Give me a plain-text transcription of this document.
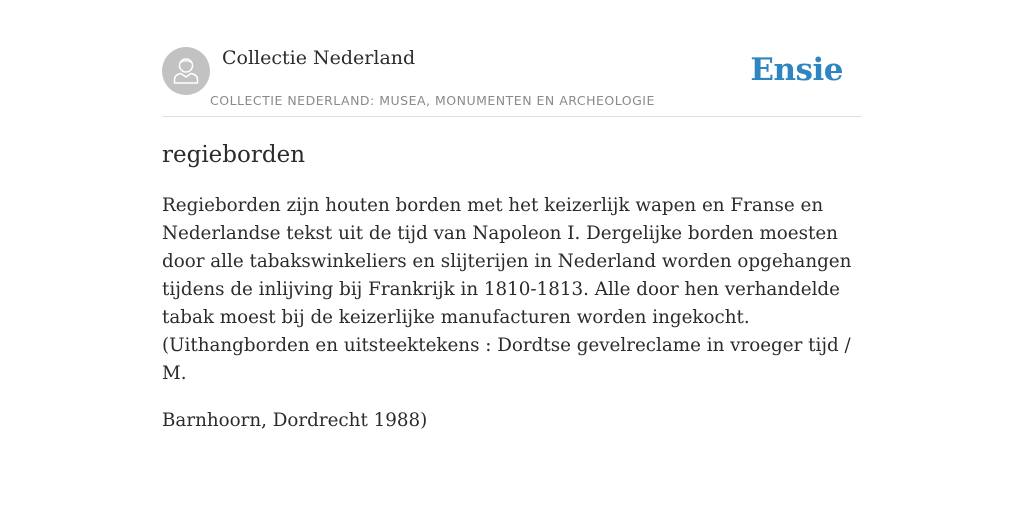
Collectie Nederland
COLLECTIE NEDERLAND: MUSEA, MONUMENTEN EN ARCHEOLOGIE
Ensie
regieborden

Regieborden zijn houten borden met het keizerlijk wapen en Franse en Nederlandse tekst uit de tijd van Napoleon I. Dergelijke borden moesten door alle tabakswinkeliers en slijterijen in Nederland worden opgehangen tijdens de inlijving bij Frankrijk in 1810-1813. Alle door hen verhandelde tabak moest bij de keizerlijke manufacturen worden ingekocht. (Uithangborden en uitsteektekens : Dordtse gevelreclame in vroeger tijd / M.

Barnhoorn, Dordrecht 1988)
